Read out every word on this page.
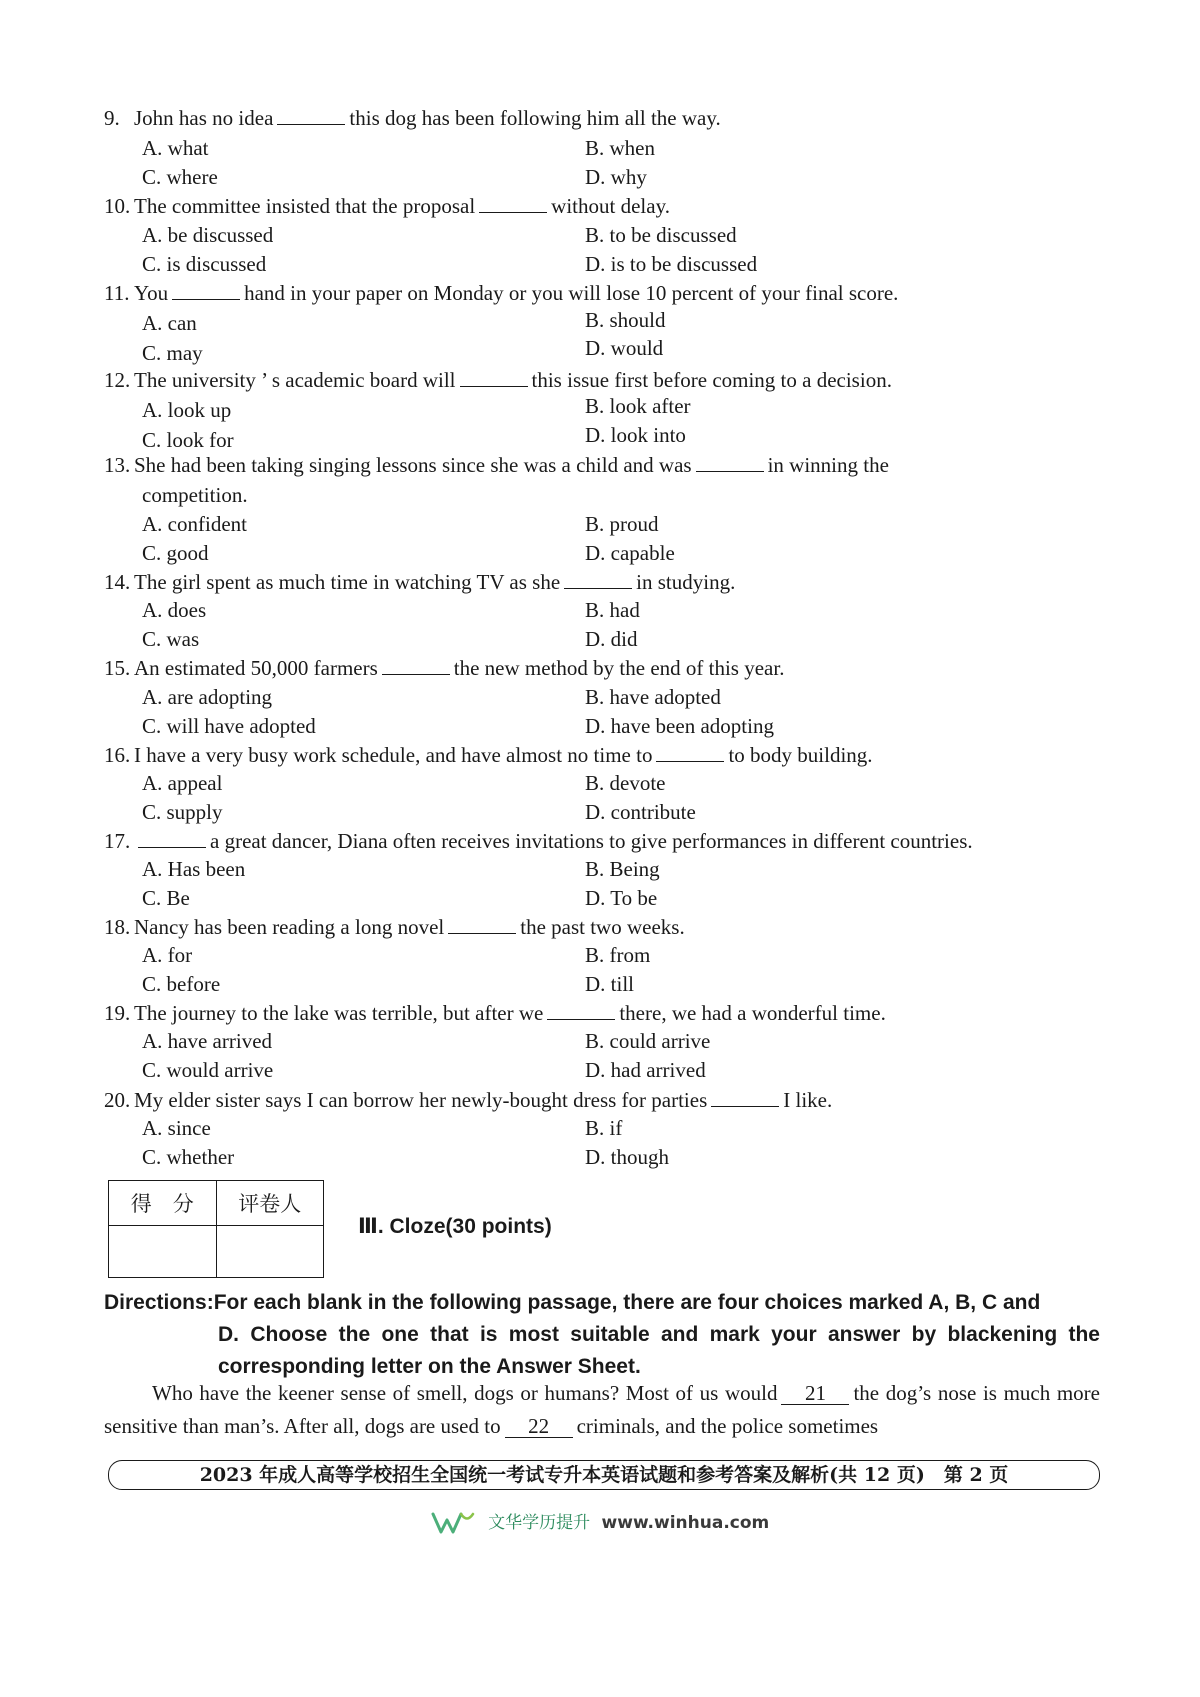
9. John has no idea	this dog has been following him all the way.
A. what	B. when
C. where	D. why
10. The committee insisted that the proposal	without delay.
A. be discussed	B. to be discussed
C. is discussed	D. is to be discussed
11. You	hand in your paper on Monday or you will lose 10 percent of your final score.
A. can	B. should
C. may	D. would
12. The university ’ s academic board will	this issue first before coming to a decision.
A. look up	B. look after
C. look for	D. look into
13. She had been taking singing lessons since she was a child and was	in winning the
competition.
A. confident	B. proud
C. good	D. capable
14. The girl spent as much time in watching TV as she	in studying.
A. does	B. had
C. was	D. did
15. An estimated 50,000 farmers	the new method by the end of this year.
A. are adopting	B. have adopted
C. will have adopted	D. have been adopting
16. I have a very busy work schedule, and have almost no time to	to body building.
A. appeal	B. devote
C. supply	D. contribute
17.	a great dancer, Diana often receives invitations to give performances in different countries.
A. Has been	B. Being
C. Be	D. To be
18. Nancy has been reading a long novel	the past two weeks.
A. for	B. from
C. before	D. till
19. The journey to the lake was terrible, but after we	there, we had a wonderful time.
A. have arrived	B. could arrive
C. would arrive	D. had arrived
20. My elder sister says I can borrow her newly-bought dress for parties	I like.
A. since	B. if
C. whether	D. though
得　分	评卷人

Ⅲ. Cloze(30 points)
Directions:For each blank in the following passage, there are four choices marked A, B, C and
D. Choose the one that is most suitable and mark your answer by blackening the corresponding letter on the Answer Sheet.
Who have the keener sense of smell, dogs or humans? Most of us would 21 the dog’s nose is much more sensitive than man’s. After all, dogs are used to 22 criminals, and the police sometimes
2023 年成人高等学校招生全国统一考试专升本英语试题和参考答案及解析(共 12 页)　第 2 页
文华学历提升 www.winhua.com
